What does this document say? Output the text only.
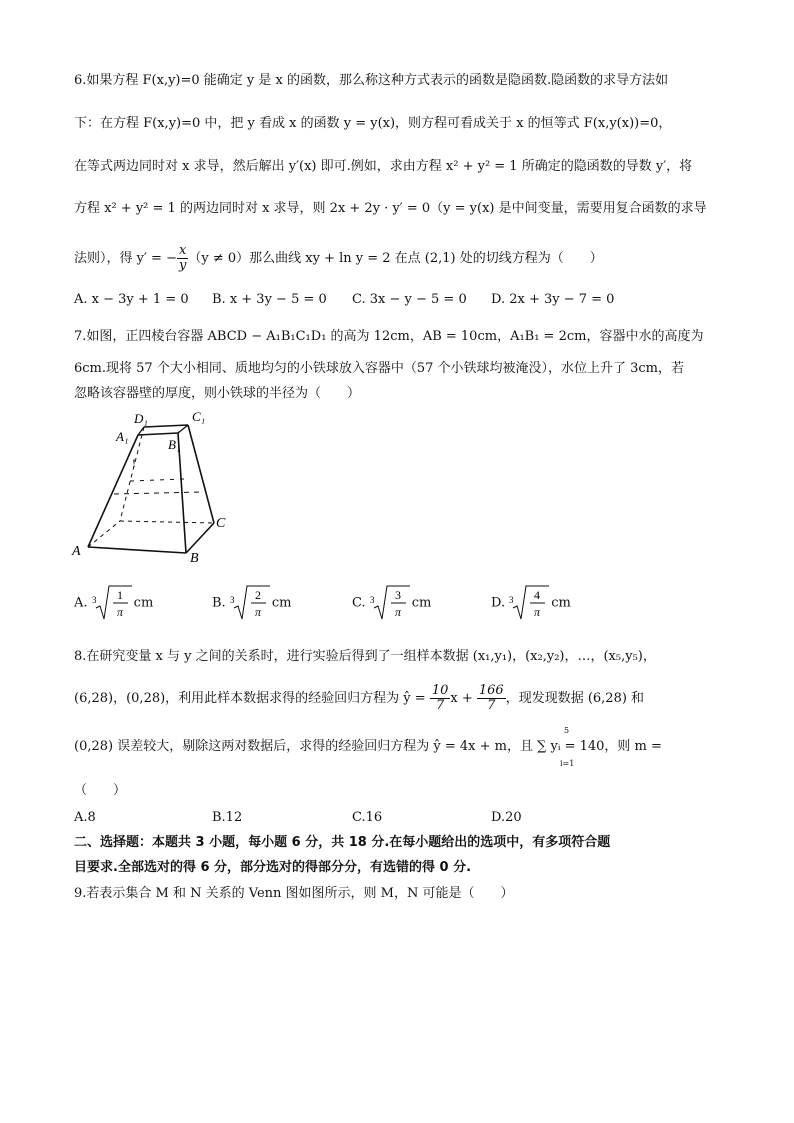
6.如果方程 F(x,y)=0 能确定 y 是 x 的函数，那么称这种方式表示的函数是隐函数.隐函数的求导方法如
下：在方程 F(x,y)=0 中，把 y 看成 x 的函数 y = y(x)，则方程可看成关于 x 的恒等式 F(x,y(x))=0，
在等式两边同时对 x 求导，然后解出 y′(x) 即可.例如，求由方程 x² + y² = 1 所确定的隐函数的导数 y′，将
方程 x² + y² = 1 的两边同时对 x 求导，则 2x + 2y · y′ = 0（y = y(x) 是中间变量，需要用复合函数的求导
法则），得 y′ = − $\frac{x}{y} (y \ne 0)$那么曲线 xy + ln y = 2 在点 (2,1) 处的切线方程为（　　）
A. x − 3y + 1 = 0 B. x + 3y − 5 = 0 C. 3x − y − 5 = 0 D. 2x + 3y − 7 = 0
7.如图，正四棱台容器 ABCD − A₁B₁C₁D₁ 的高为 12cm，AB = 10cm，A₁B₁ = 2cm，容器中水的高度为
6cm.现将 57 个大小相同、质地均匀的小铁球放入容器中（57 个小铁球均被淹没），水位上升了 3cm，若
忽略该容器壁的厚度，则小铁球的半径为（　　）
D₁	C₁
A₁
B₁
!
A	B
C
A. 3 1
π
cm	B. 3 2
π
cm	C. 3 3
π
cm	D. 3 4
π
cm
8.在研究变量 x 与 y 之间的关系时，进行实验后得到了一组样本数据 (x₁,y₁)，(x₂,y₂)，…，(x₅,y₅)，
(6,28)，(0,28)，利用此样本数据求得的经验回归方程为 ŷ = $\frac{10}{7}$ $x + \frac{166}{7}$ ，现发现数据 (6,28) 和
(0,28) 误差较大，剔除这两对数据后，求得的经验回归方程为 ŷ = 4x + m，且 ∑ yᵢ = 140，则 m =
5
i=1
（　　）
A.8	B.12	C.16	D.20
二、选择题：本题共 3 小题，每小题 6 分，共 18 分.在每小题给出的选项中，有多项符合题
目要求.全部选对的得 6 分，部分选对的得部分分，有选错的得 0 分.
9.若表示集合 M 和 N 关系的 Venn 图如图所示，则 M，N 可能是（　　）
